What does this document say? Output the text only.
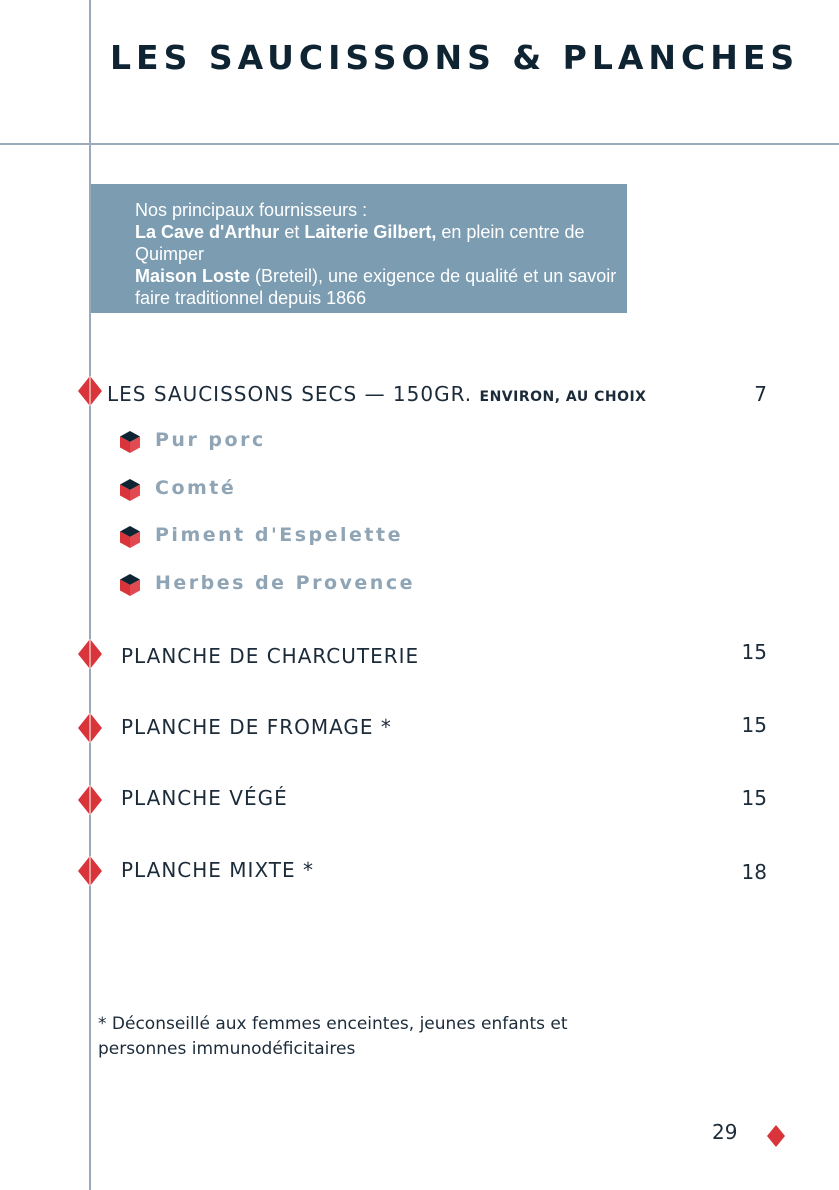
LES SAUCISSONS & PLANCHES

Nos principaux fournisseurs :

La Cave d'Arthur et Laiterie Gilbert, en plein centre de Quimper

Maison Loste (Breteil), une exigence de qualité et un savoir faire traditionnel depuis 1866

LES SAUCISSONS SECS — 150GR. ENVIRON, AU CHOIX	7
Pur porc
Comté
Piment d'Espelette
Herbes de Provence
PLANCHE DE CHARCUTERIE	15
PLANCHE DE FROMAGE *	15
PLANCHE VÉGÉ	15
PLANCHE MIXTE *	18

* Déconseillé aux femmes enceintes, jeunes enfants et personnes immunodéficitaires

29
